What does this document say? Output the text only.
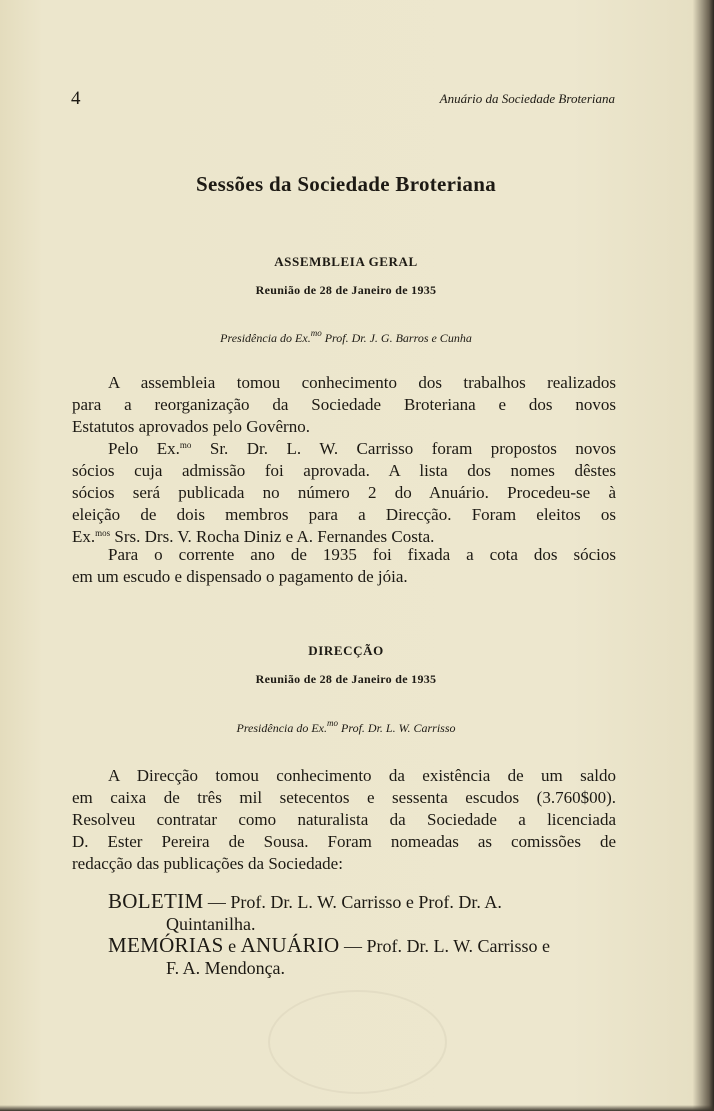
4	Anuário da Sociedade Broteriana
Sessões da Sociedade Broteriana
ASSEMBLEIA GERAL
Reunião de 28 de Janeiro de 1935
Presidência do Ex.$^{mo}$ Prof. Dr. J. G. Barros e Cunha
A assembleia tomou conhecimento dos trabalhos realizados
para a reorganização da Sociedade Broteriana e dos novos
Estatutos aprovados pelo Govêrno.
Pelo Ex.$^{mo}$ Sr. Dr. L. W. Carrisso foram propostos novos
sócios cuja admissão foi aprovada. A lista dos nomes dêstes
sócios será publicada no número 2 do Anuário. Procedeu-se à
eleição de dois membros para a Direcção. Foram eleitos os
Ex.$^{mos}$ Srs. Drs. V. Rocha Diniz e A. Fernandes Costa.
Para o corrente ano de 1935 foi fixada a cota dos sócios
em um escudo e dispensado o pagamento de jóia.
DIRECÇÃO
Reunião de 28 de Janeiro de 1935
Presidência do Ex.$^{mo}$ Prof. Dr. L. W. Carrisso
A Direcção tomou conhecimento da existência de um saldo
em caixa de três mil setecentos e sessenta escudos (3.760$00).
Resolveu contratar como naturalista da Sociedade a licenciada
D. Ester Pereira de Sousa. Foram nomeadas as comissões de
redacção das publicações da Sociedade:
BOLETIM — Prof. Dr. L. W. Carrisso e Prof. Dr. A.
Quintanilha.
MEMÓRIAS e ANUÁRIO — Prof. Dr. L. W. Carrisso e
F. A. Mendonça.
